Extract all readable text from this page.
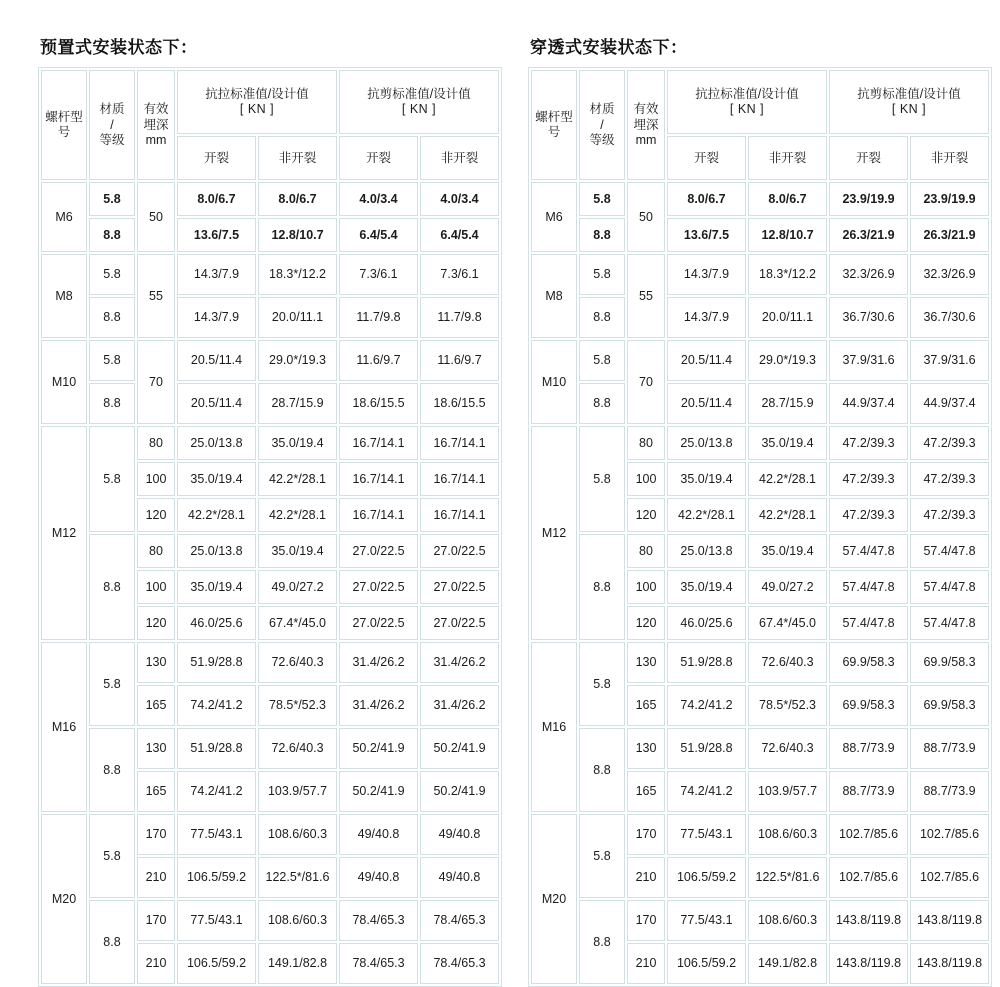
预置式安装状态下：
螺杆型号	
材质
/
等级

有效
埋深
mm
	抗拉标准值/设计值
[ KN ]
	抗剪标准值/设计值
[ KN ]

			开裂	非开裂	开裂	非开裂
M6	5.8	50	8.0/6.7	8.0/6.7	4.0/3.4	4.0/3.4
	8.8		13.6/7.5	12.8/10.7	6.4/5.4	6.4/5.4
M8	5.8	55	14.3/7.9	18.3*/12.2	7.3/6.1	7.3/6.1
	8.8		14.3/7.9	20.0/11.1	11.7/9.8	11.7/9.8
M10	5.8	70	20.5/11.4	29.0*/19.3	11.6/9.7	11.6/9.7
	8.8		20.5/11.4	28.7/15.9	18.6/15.5	18.6/15.5
M12	5.8	80	25.0/13.8	35.0/19.4	16.7/14.1	16.7/14.1
		100	35.0/19.4	42.2*/28.1	16.7/14.1	16.7/14.1
		120	42.2*/28.1	42.2*/28.1	16.7/14.1	16.7/14.1
	8.8	80	25.0/13.8	35.0/19.4	27.0/22.5	27.0/22.5
		100	35.0/19.4	49.0/27.2	27.0/22.5	27.0/22.5
		120	46.0/25.6	67.4*/45.0	27.0/22.5	27.0/22.5
M16	5.8	130	51.9/28.8	72.6/40.3	31.4/26.2	31.4/26.2
		165	74.2/41.2	78.5*/52.3	31.4/26.2	31.4/26.2
	8.8	130	51.9/28.8	72.6/40.3	50.2/41.9	50.2/41.9
		165	74.2/41.2	103.9/57.7	50.2/41.9	50.2/41.9
M20	5.8	170	77.5/43.1	108.6/60.3	49/40.8	49/40.8
		210	106.5/59.2	122.5*/81.6	49/40.8	49/40.8
	8.8	170	77.5/43.1	108.6/60.3	78.4/65.3	78.4/65.3
		210	106.5/59.2	149.1/82.8	78.4/65.3	78.4/65.3
穿透式安装状态下：
螺杆型号	
材质
/
等级

有效
埋深
mm
	抗拉标准值/设计值
[ KN ]
	抗剪标准值/设计值
[ KN ]

			开裂	非开裂	开裂	非开裂
M6	5.8	50	8.0/6.7	8.0/6.7	23.9/19.9	23.9/19.9
	8.8		13.6/7.5	12.8/10.7	26.3/21.9	26.3/21.9
M8	5.8	55	14.3/7.9	18.3*/12.2	32.3/26.9	32.3/26.9
	8.8		14.3/7.9	20.0/11.1	36.7/30.6	36.7/30.6
M10	5.8	70	20.5/11.4	29.0*/19.3	37.9/31.6	37.9/31.6
	8.8		20.5/11.4	28.7/15.9	44.9/37.4	44.9/37.4
M12	5.8	80	25.0/13.8	35.0/19.4	47.2/39.3	47.2/39.3
		100	35.0/19.4	42.2*/28.1	47.2/39.3	47.2/39.3
		120	42.2*/28.1	42.2*/28.1	47.2/39.3	47.2/39.3
	8.8	80	25.0/13.8	35.0/19.4	57.4/47.8	57.4/47.8
		100	35.0/19.4	49.0/27.2	57.4/47.8	57.4/47.8
		120	46.0/25.6	67.4*/45.0	57.4/47.8	57.4/47.8
M16	5.8	130	51.9/28.8	72.6/40.3	69.9/58.3	69.9/58.3
		165	74.2/41.2	78.5*/52.3	69.9/58.3	69.9/58.3
	8.8	130	51.9/28.8	72.6/40.3	88.7/73.9	88.7/73.9
		165	74.2/41.2	103.9/57.7	88.7/73.9	88.7/73.9
M20	5.8	170	77.5/43.1	108.6/60.3	102.7/85.6	102.7/85.6
		210	106.5/59.2	122.5*/81.6	102.7/85.6	102.7/85.6
	8.8	170	77.5/43.1	108.6/60.3	143.8/119.8	143.8/119.8
		210	106.5/59.2	149.1/82.8	143.8/119.8	143.8/119.8
